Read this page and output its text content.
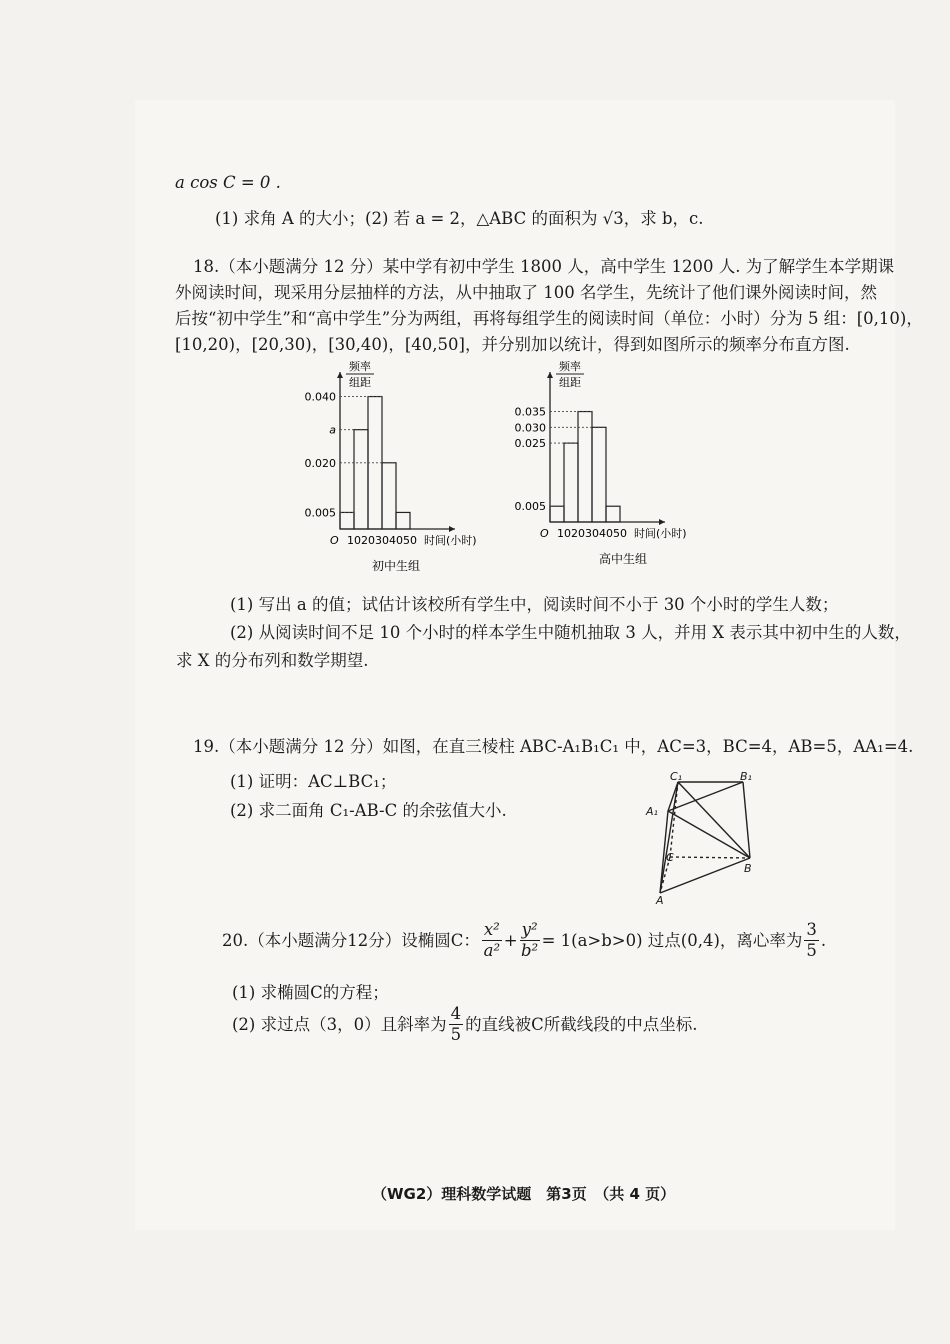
a cos C = 0 .
(1) 求角 A 的大小；(2) 若 a = 2，△ABC 的面积为 √3，求 b，c.
18.（本小题满分 12 分）某中学有初中学生 1800 人，高中学生 1200 人. 为了解学生本学期课
外阅读时间，现采用分层抽样的方法，从中抽取了 100 名学生，先统计了他们课外阅读时间，然
后按“初中学生”和“高中学生”分为两组，再将每组学生的阅读时间（单位：小时）分为 5 组：[0,10)，
[10,20)，[20,30)，[30,40)，[40,50]，并分别加以统计，得到如图所示的频率分布直方图.
频率
组距
0.040
a
0.020
0.005
O 10 20 30 40 50 时间(小时)
初中生组
频率
组距
0.035
0.030
0.025
0.005
O 10 20 30 40 50 时间(小时)
高中生组
(1) 写出 a 的值；试估计该校所有学生中，阅读时间不小于 30 个小时的学生人数；
(2) 从阅读时间不足 10 个小时的样本学生中随机抽取 3 人，并用 X 表示其中初中生的人数，
求 X 的分布列和数学期望.
19.（本小题满分 12 分）如图，在直三棱柱 ABC-A₁B₁C₁ 中，AC=3，BC=4，AB=5，AA₁=4.
(1) 证明：AC⊥BC₁；
(2) 求二面角 C₁-AB-C 的余弦值大小.
C₁	B₁
A₁
C
B
A
20.（本小题满分12分）设椭圆C： $\frac{\text{x²}}{\text{a²}} + \frac{\text{y²}}{\text{b²}} = 1(a>b>0)$ 过点(0,4)，离心率为 $\frac{3}{5}$ .
(1) 求椭圆C的方程；
(2) 求过点（3，0）且斜率为 $\frac{4}{5}$ 的直线被C所截线段的中点坐标.
（WG2）理科数学试题　第3页　（共 4 页）
